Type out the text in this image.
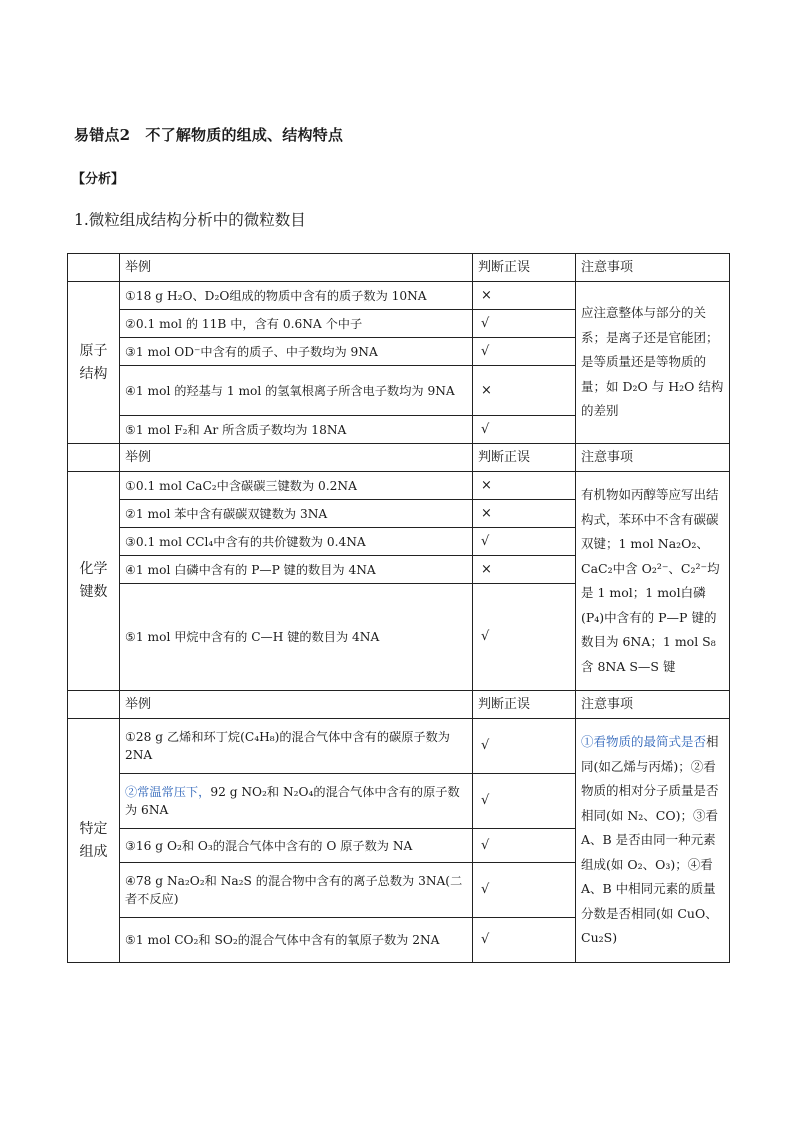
易错点2　不了解物质的组成、结构特点
【分析】
1.微粒组成结构分析中的微粒数目
	举例	判断正误	注意事项
原子结构	①18 g H₂O、D₂O组成的物质中含有的质子数为 10NA	×	应注意整体与部分的关系；是离子还是官能团；是等质量还是等物质的量；如 D₂O 与 H₂O 结构的差别
	②0.1 mol 的 11B 中，含有 0.6NA 个中子	√	
	③1 mol OD⁻中含有的质子、中子数均为 9NA	√	
	④1 mol 的羟基与 1 mol 的氢氧根离子所含电子数均为 9NA	×	
	⑤1 mol F₂和 Ar 所含质子数均为 18NA	√	
	举例	判断正误	注意事项
化学键数	①0.1 mol CaC₂中含碳碳三键数为 0.2NA	×	有机物如丙醇等应写出结构式，苯环中不含有碳碳双键；1 mol Na₂O₂、CaC₂中含 O₂²⁻、C₂²⁻均是 1 mol；1 mol白磷(P₄)中含有的 P—P 键的数目为 6NA；1 mol S₈含 8NA S—S 键
	②1 mol 苯中含有碳碳双键数为 3NA	×	
	③0.1 mol CCl₄中含有的共价键数为 0.4NA	√	
	④1 mol 白磷中含有的 P—P 键的数目为 4NA	×	
	⑤1 mol 甲烷中含有的 C—H 键的数目为 4NA	√	
	举例	判断正误	注意事项
特定组成	①28 g 乙烯和环丁烷(C₄H₈)的混合气体中含有的碳原子数为 2NA	√	①看物质的最简式是否相同(如乙烯与丙烯)；②看物质的相对分子质量是否相同(如 N₂、CO)；③看 A、B 是否由同一种元素组成(如 O₂、O₃)；④看 A、B 中相同元素的质量分数是否相同(如 CuO、Cu₂S)
	②常温常压下，92 g NO₂和 N₂O₄的混合气体中含有的原子数为 6NA	√	
	③16 g O₂和 O₃的混合气体中含有的 O 原子数为 NA	√	
	④78 g Na₂O₂和 Na₂S 的混合物中含有的离子总数为 3NA(二者不反应)	√	
	⑤1 mol CO₂和 SO₂的混合气体中含有的氧原子数为 2NA	√	
